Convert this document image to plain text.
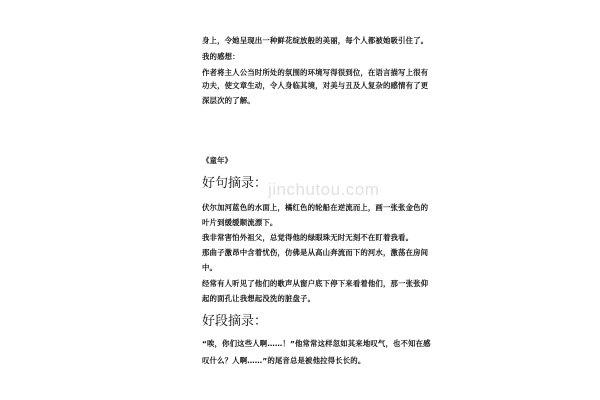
身上，令她呈现出一种鲜花绽放般的美丽，每个人都被她吸引住了。
我的感想：
作者将主人公当时所处的氛围的环境写得很到位，在语言描写上很有
功夫，使文章生动，令人身临其境，对美与丑及人复杂的感情有了更
深层次的了解。
《童年》
好句摘录： jinchutou.com
伏尔加河蓝色的水面上，橘红色的轮船在逆流而上，画一张张金色的
叶片到缓缓顺流漂下。
我非常害怕外祖父，总觉得他的绿眼珠无时无刻不在盯着我看。
那曲子激昂中含着忧伤，仿佛是从高山奔流而下的河水，激荡在房间
中。
经常有人听见了他们的歌声从窗户底下停下来看着他们，那一张张仰
起的面孔让我想起没洗的脏盘子。
好段摘录：
“唉，你们这些人啊……！”他常常这样忽如其来地叹气，也不知在感
叹什么？人啊……”的尾音总是被他拉得长长的。
